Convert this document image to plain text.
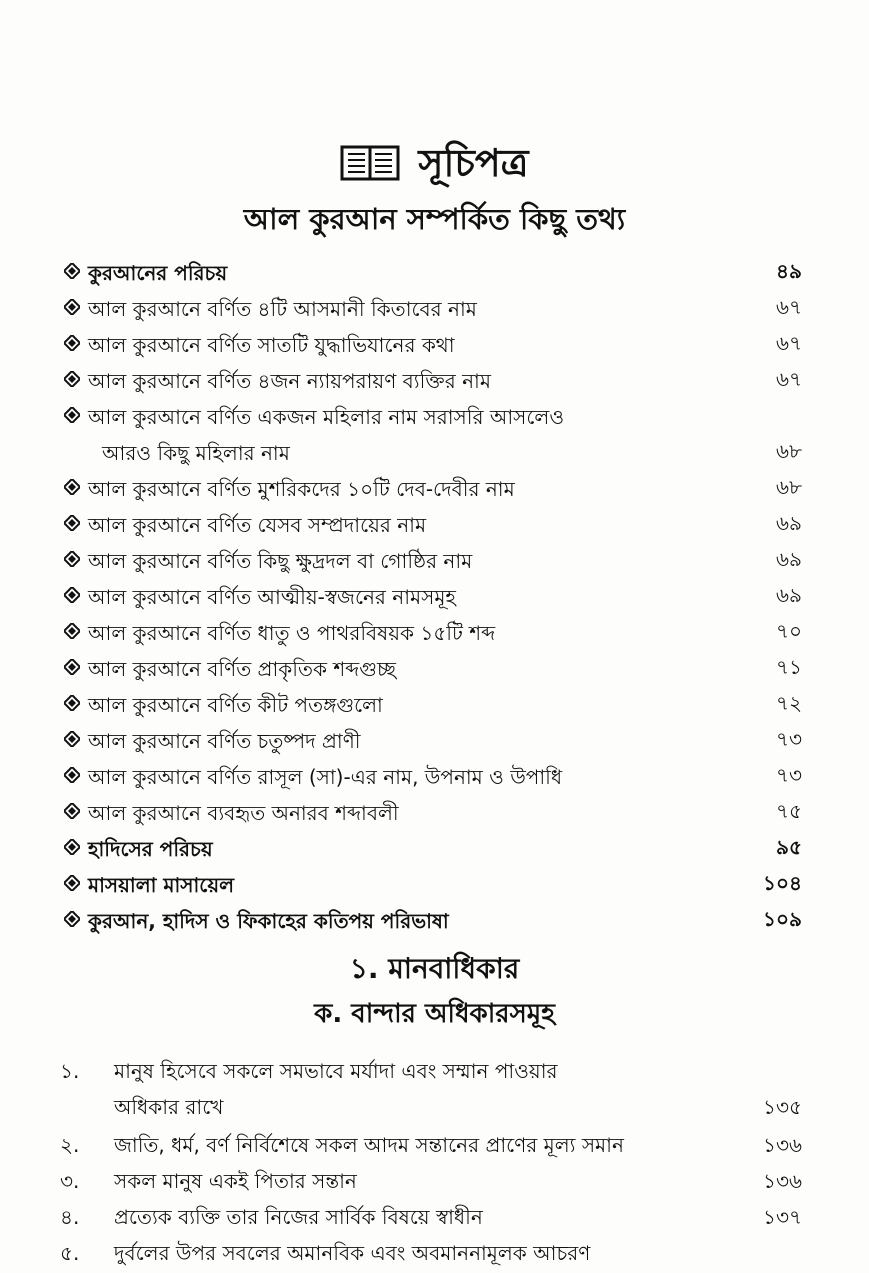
সূচিপত্র
আল কুরআন সম্পর্কিত কিছু তথ্য
কুরআনের পরিচয়	৪৯
আল কুরআনে বর্ণিত ৪টি আসমানী কিতাবের নাম	৬৭
আল কুরআনে বর্ণিত সাতটি যুদ্ধাভিযানের কথা	৬৭
আল কুরআনে বর্ণিত ৪জন ন্যায়পরায়ণ ব্যক্তির নাম	৬৭
আল কুরআনে বর্ণিত একজন মহিলার নাম সরাসরি আসলেও
আরও কিছু মহিলার নাম	৬৮
আল কুরআনে বর্ণিত মুশরিকদের ১০টি দেব-দেবীর নাম	৬৮
আল কুরআনে বর্ণিত যেসব সম্প্রদায়ের নাম	৬৯
আল কুরআনে বর্ণিত কিছু ক্ষুদ্রদল বা গোষ্ঠির নাম	৬৯
আল কুরআনে বর্ণিত আত্মীয়-স্বজনের নামসমূহ	৬৯
আল কুরআনে বর্ণিত ধাতু ও পাথরবিষয়ক ১৫টি শব্দ	৭০
আল কুরআনে বর্ণিত প্রাকৃতিক শব্দগুচ্ছ	৭১
আল কুরআনে বর্ণিত কীট পতঙ্গগুলো	৭২
আল কুরআনে বর্ণিত চতুষ্পদ প্রাণী	৭৩
আল কুরআনে বর্ণিত রাসূল (সা)-এর নাম, উপনাম ও উপাধি	৭৩
আল কুরআনে ব্যবহৃত অনারব শব্দাবলী	৭৫
হাদিসের পরিচয়	৯৫
মাসয়ালা মাসায়েল	১০৪
কুরআন, হাদিস ও ফিকাহের কতিপয় পরিভাষা	১০৯
১. মানবাধিকার
ক. বান্দার অধিকারসমূহ
১. মানুষ হিসেবে সকলে সমভাবে মর্যাদা এবং সম্মান পাওয়ার
অধিকার রাখে	১৩৫
২. জাতি, ধর্ম, বর্ণ নির্বিশেষে সকল আদম সন্তানের প্রাণের মূল্য সমান	১৩৬
৩. সকল মানুষ একই পিতার সন্তান	১৩৬
৪. প্রত্যেক ব্যক্তি তার নিজের সার্বিক বিষয়ে স্বাধীন	১৩৭
৫. দুর্বলের উপর সবলের অমানবিক এবং অবমাননামূলক আচরণ
